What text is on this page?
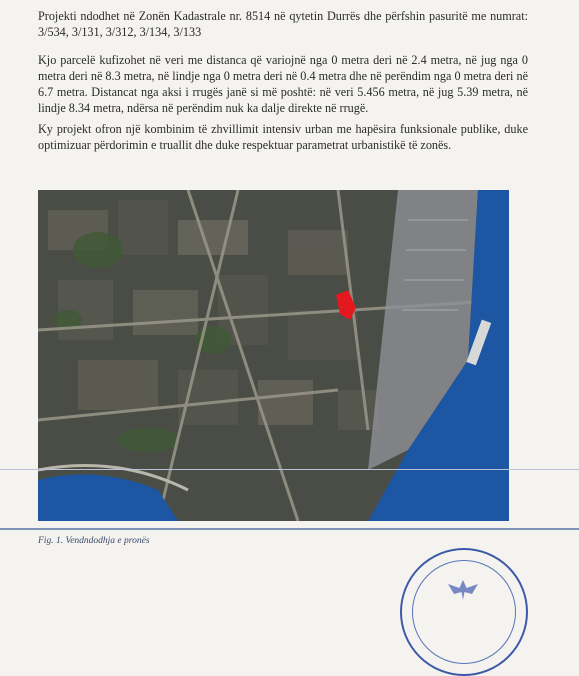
Projekti ndodhet në Zonën Kadastrale nr. 8514 në qytetin Durrës dhe përfshin pasuritë me numrat: 3/534, 3/131, 3/312, 3/134, 3/133

Kjo parcelë kufizohet në veri me distanca që variojnë nga 0 metra deri në 2.4 metra, në jug nga 0 metra deri në 8.3 metra, në lindje nga 0 metra deri në 0.4 metra dhe në perëndim nga 0 metra deri në 6.7 metra. Distancat nga aksi i rrugës janë si më poshtë: në veri 5.456 metra, në jug 5.39 metra, në lindje 8.34 metra, ndërsa në perëndim nuk ka dalje direkte në rrugë.

Ky projekt ofron një kombinim të zhvillimit intensiv urban me hapësira funksionale publike, duke optimizuar përdorimin e truallit dhe duke respektuar parametrat urbanistikë të zonës.

Fig. 1. Vendndodhja e pronës
